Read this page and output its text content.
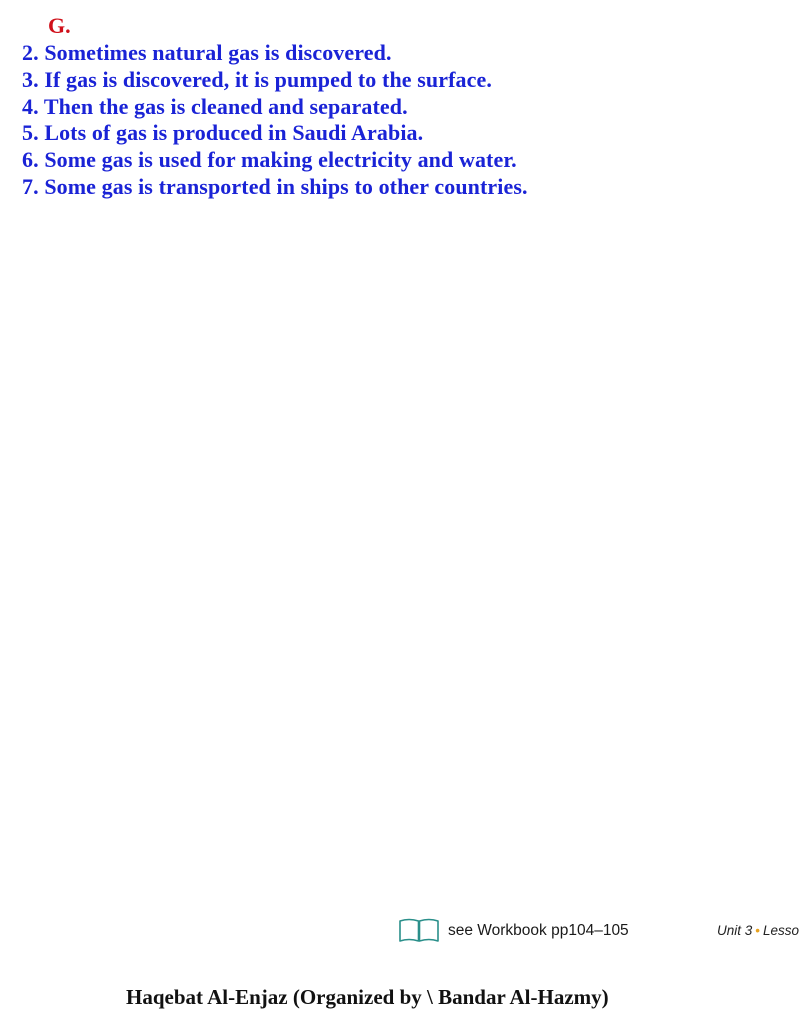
G.

2. Sometimes natural gas is discovered.
3. If gas is discovered, it is pumped to the surface.
4. Then the gas is cleaned and separated.
5. Lots of gas is produced in Saudi Arabia.
6. Some gas is used for making electricity and water.
7. Some gas is transported in ships to other countries.
see Workbook pp104–105	Unit 3 • Lesso

Haqebat Al-Enjaz (Organized by \ Bandar Al-Hazmy)
